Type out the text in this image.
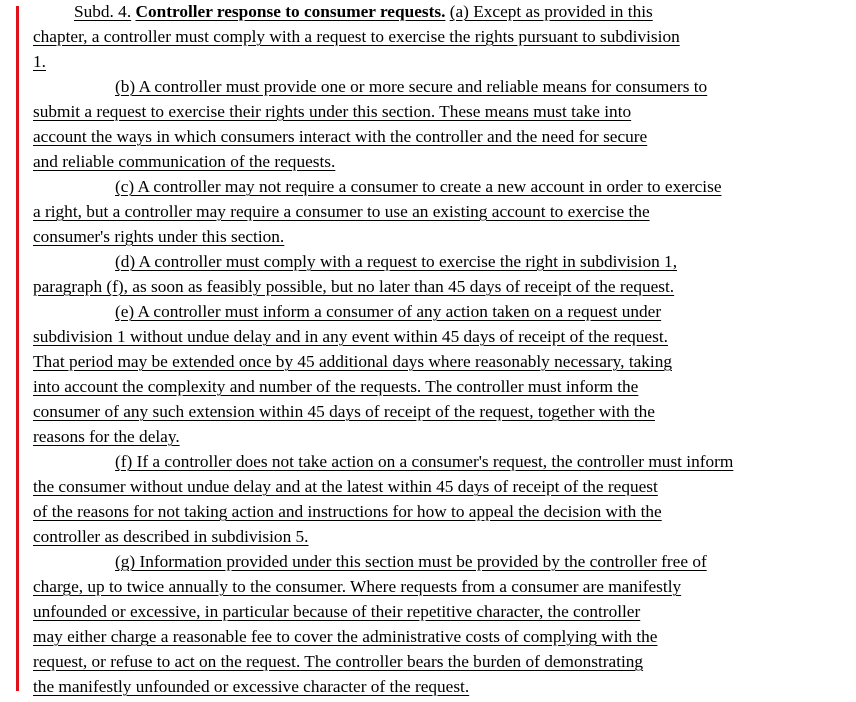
Subd. 4. Controller response to consumer requests. (a) Except as provided in this
chapter, a controller must comply with a request to exercise the rights pursuant to subdivision
1.
(b) A controller must provide one or more secure and reliable means for consumers to
submit a request to exercise their rights under this section. These means must take into
account the ways in which consumers interact with the controller and the need for secure
and reliable communication of the requests.
(c) A controller may not require a consumer to create a new account in order to exercise
a right, but a controller may require a consumer to use an existing account to exercise the
consumer's rights under this section.
(d) A controller must comply with a request to exercise the right in subdivision 1,
paragraph (f), as soon as feasibly possible, but no later than 45 days of receipt of the request.
(e) A controller must inform a consumer of any action taken on a request under
subdivision 1 without undue delay and in any event within 45 days of receipt of the request.
That period may be extended once by 45 additional days where reasonably necessary, taking
into account the complexity and number of the requests. The controller must inform the
consumer of any such extension within 45 days of receipt of the request, together with the
reasons for the delay.
(f) If a controller does not take action on a consumer's request, the controller must inform
the consumer without undue delay and at the latest within 45 days of receipt of the request
of the reasons for not taking action and instructions for how to appeal the decision with the
controller as described in subdivision 5.
(g) Information provided under this section must be provided by the controller free of
charge, up to twice annually to the consumer. Where requests from a consumer are manifestly
unfounded or excessive, in particular because of their repetitive character, the controller
may either charge a reasonable fee to cover the administrative costs of complying with the
request, or refuse to act on the request. The controller bears the burden of demonstrating
the manifestly unfounded or excessive character of the request.
